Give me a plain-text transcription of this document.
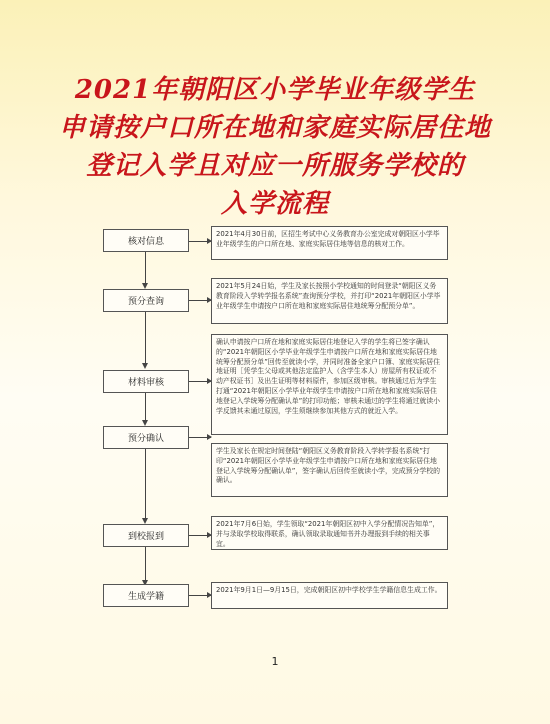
2021年朝阳区小学毕业年级学生
申请按户口所在地和家庭实际居住地
登记入学且对应一所服务学校的
入学流程
核对信息
预分查询
材料审核
预分确认
到校报到
生成学籍
2021年4月30日前，区招生考试中心义务教育办公室完成对朝阳区小学毕业年级学生的户口所在地、家庭实际居住地等信息的核对工作。
2021年5月24日始，学生及家长按照小学校通知的时间登录“朝阳区义务教育阶段入学转学报名系统”查询预分学校，并打印“2021年朝阳区小学毕业年级学生申请按户口所在地和家庭实际居住地统筹分配预分单”。
确认申请按户口所在地和家庭实际居住地登记入学的学生将已签字确认的“2021年朝阳区小学毕业年级学生申请按户口所在地和家庭实际居住地统筹分配预分单”回传至就读小学，并同时准备全家户口簿、家庭实际居住地证明［凭学生父母或其他法定监护人（含学生本人）房屋所有权证或不动产权证书］及出生证明等材料原件，参加区级审核。审核通过后为学生打通“2021年朝阳区小学毕业年级学生申请按户口所在地和家庭实际居住地登记入学统筹分配确认单”的打印功能；审核未通过的学生将通过就读小学反馈其未通过原因，学生须继续参加其他方式的就近入学。
学生及家长在规定时间登陆“朝阳区义务教育阶段入学转学报名系统”打印“2021年朝阳区小学毕业年级学生申请按户口所在地和家庭实际居住地登记入学统筹分配确认单”，签字确认后回传至就读小学，完成预分学校的确认。
2021年7月6日始，学生领取“2021年朝阳区初中入学分配情况告知单”，并与录取学校取得联系，确认领取录取通知书并办理报到手续的相关事宜。
2021年9月1日—9月15日，完成朝阳区初中学校学生学籍信息生成工作。
1
